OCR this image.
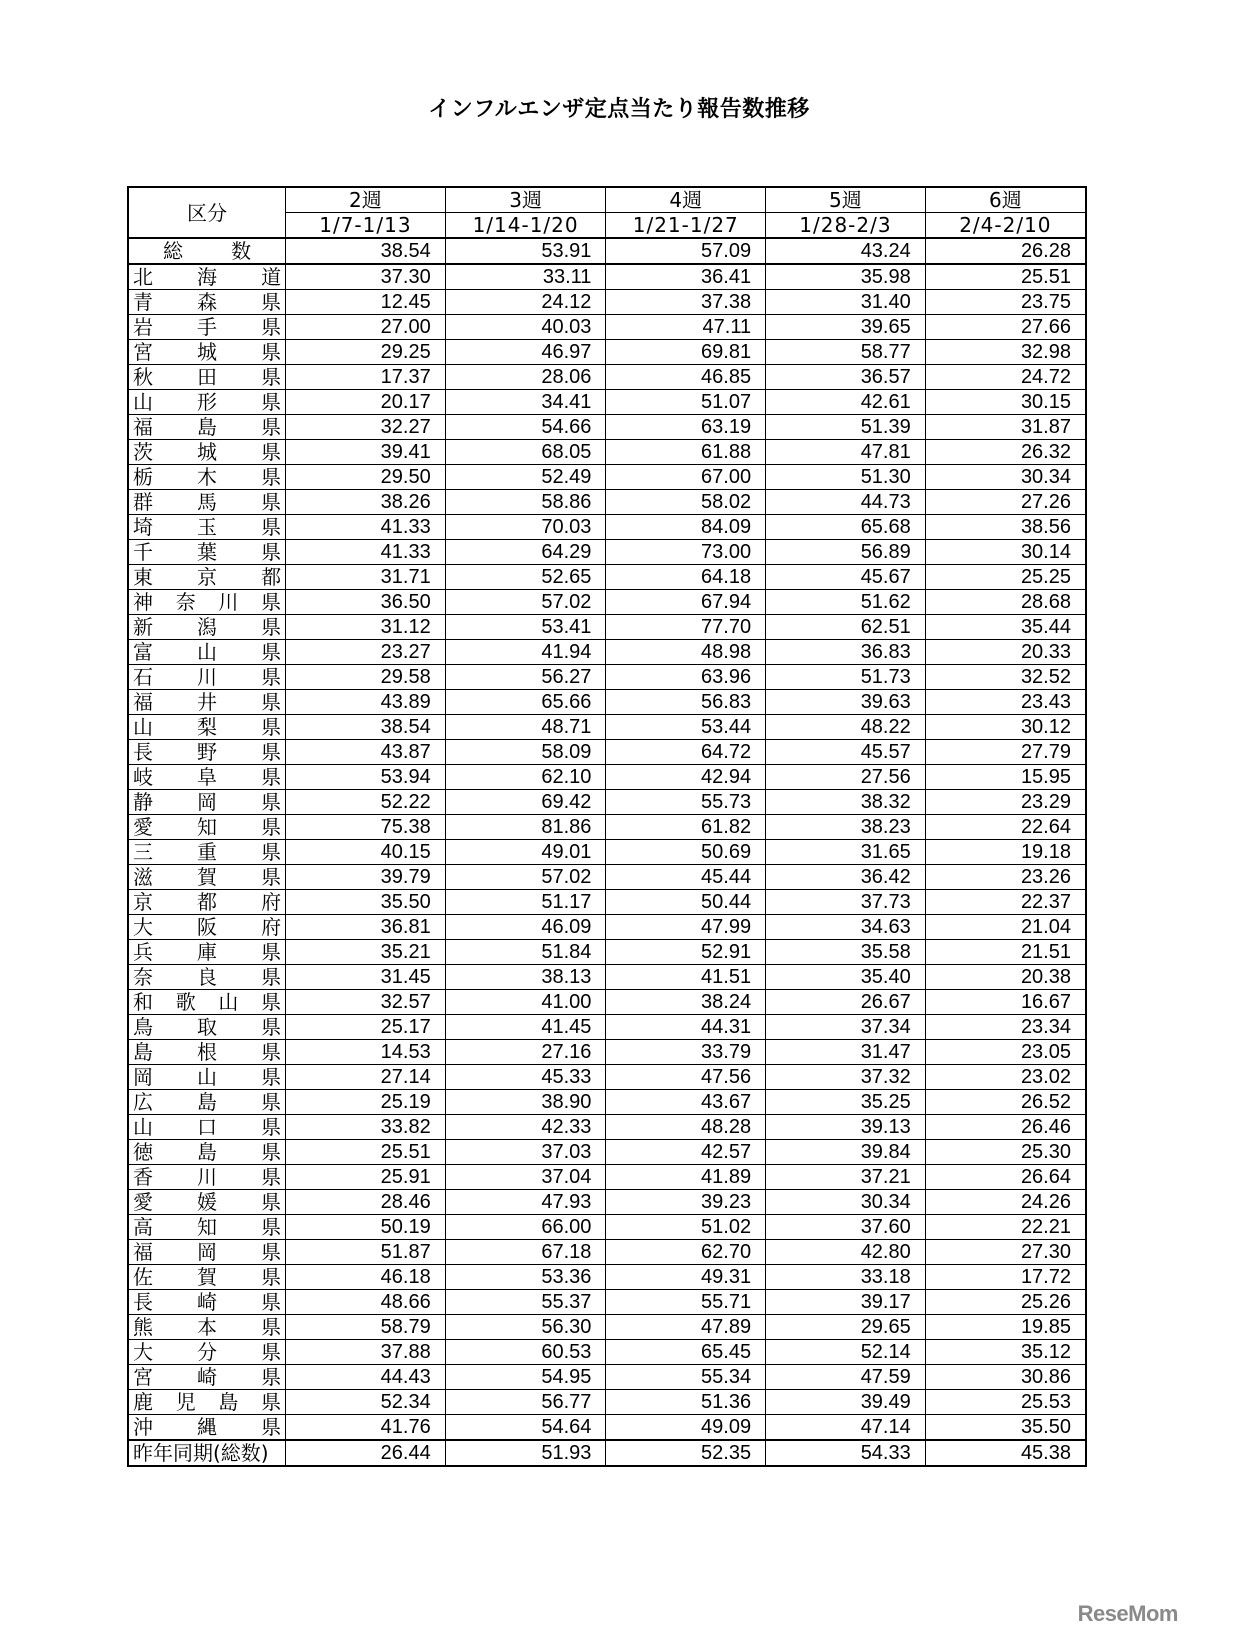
インフルエンザ定点当たり報告数推移
区分	2週	3週	4週	5週	6週
	1/7-1/13	1/14-1/20	1/21-1/27	1/28-2/3	2/4-2/10

総 数	38.54	53.91	57.09	43.24	26.28

北 海 道	37.30	33.11	36.41	35.98	25.51

青 森 県	12.45	24.12	37.38	31.40	23.75

岩 手 県	27.00	40.03	47.11	39.65	27.66

宮 城 県	29.25	46.97	69.81	58.77	32.98

秋 田 県	17.37	28.06	46.85	36.57	24.72

山 形 県	20.17	34.41	51.07	42.61	30.15

福 島 県	32.27	54.66	63.19	51.39	31.87

茨 城 県	39.41	68.05	61.88	47.81	26.32

栃 木 県	29.50	52.49	67.00	51.30	30.34

群 馬 県	38.26	58.86	58.02	44.73	27.26

埼 玉 県	41.33	70.03	84.09	65.68	38.56

千 葉 県	41.33	64.29	73.00	56.89	30.14

東 京 都	31.71	52.65	64.18	45.67	25.25

神 奈 川 県	36.50	57.02	67.94	51.62	28.68

新 潟 県	31.12	53.41	77.70	62.51	35.44

富 山 県	23.27	41.94	48.98	36.83	20.33

石 川 県	29.58	56.27	63.96	51.73	32.52

福 井 県	43.89	65.66	56.83	39.63	23.43

山 梨 県	38.54	48.71	53.44	48.22	30.12

長 野 県	43.87	58.09	64.72	45.57	27.79

岐 阜 県	53.94	62.10	42.94	27.56	15.95

静 岡 県	52.22	69.42	55.73	38.32	23.29

愛 知 県	75.38	81.86	61.82	38.23	22.64

三 重 県	40.15	49.01	50.69	31.65	19.18

滋 賀 県	39.79	57.02	45.44	36.42	23.26

京 都 府	35.50	51.17	50.44	37.73	22.37

大 阪 府	36.81	46.09	47.99	34.63	21.04

兵 庫 県	35.21	51.84	52.91	35.58	21.51

奈 良 県	31.45	38.13	41.51	35.40	20.38

和 歌 山 県	32.57	41.00	38.24	26.67	16.67

鳥 取 県	25.17	41.45	44.31	37.34	23.34

島 根 県	14.53	27.16	33.79	31.47	23.05

岡 山 県	27.14	45.33	47.56	37.32	23.02

広 島 県	25.19	38.90	43.67	35.25	26.52

山 口 県	33.82	42.33	48.28	39.13	26.46

徳 島 県	25.51	37.03	42.57	39.84	25.30

香 川 県	25.91	37.04	41.89	37.21	26.64

愛 媛 県	28.46	47.93	39.23	30.34	24.26

高 知 県	50.19	66.00	51.02	37.60	22.21

福 岡 県	51.87	67.18	62.70	42.80	27.30

佐 賀 県	46.18	53.36	49.31	33.18	17.72

長 崎 県	48.66	55.37	55.71	39.17	25.26

熊 本 県	58.79	56.30	47.89	29.65	19.85

大 分 県	37.88	60.53	65.45	52.14	35.12

宮 崎 県	44.43	54.95	55.34	47.59	30.86

鹿 児 島 県	52.34	56.77	51.36	39.49	25.53

沖 縄 県	41.76	54.64	49.09	47.14	35.50

昨年同期(総数)	26.44	51.93	52.35	54.33	45.38
ReseMom
